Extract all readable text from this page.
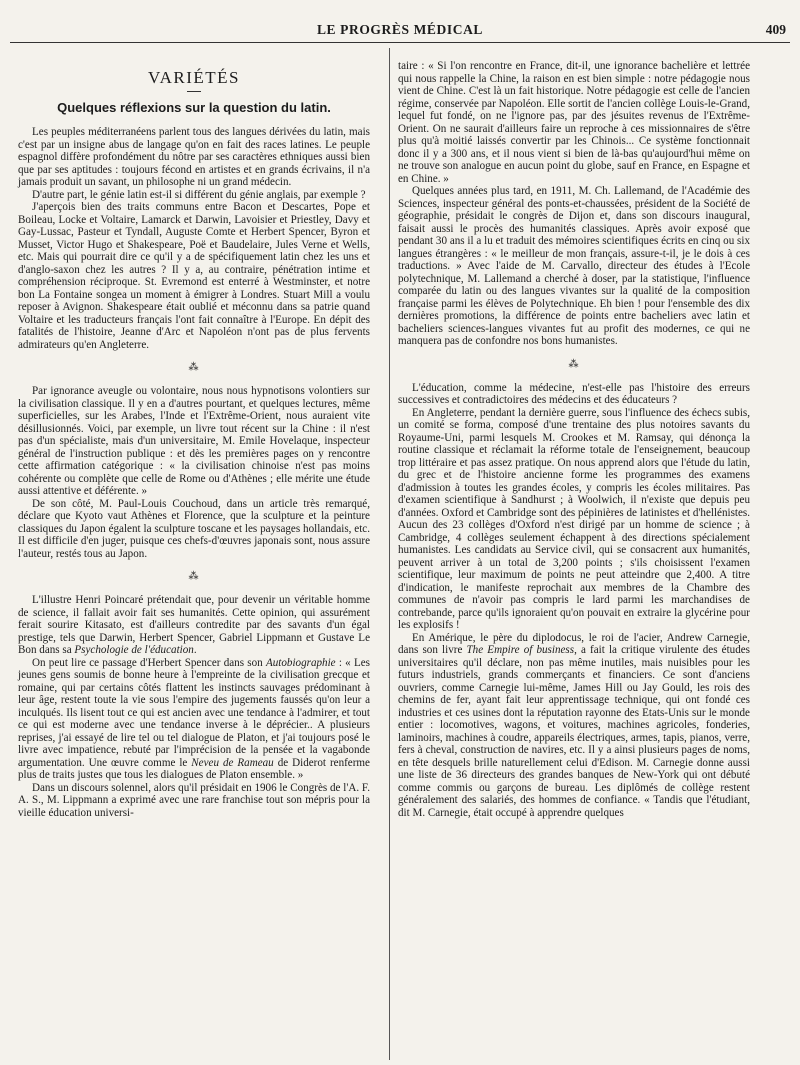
LE PROGRÈS MÉDICAL	409
VARIÉTÉS
Quelques réflexions sur la question du latin.

Les peuples méditerranéens parlent tous des langues dérivées du latin, mais c'est par un insigne abus de langage qu'on en fait des races latines. Le peuple espagnol diffère profondément du nôtre par ses caractères ethniques aussi bien que par ses aptitudes : toujours fécond en artistes et en grands écrivains, il n'a jamais produit un savant, un philosophe ni un grand médecin.

D'autre part, le génie latin est-il si différent du génie anglais, par exemple ?

J'aperçois bien des traits communs entre Bacon et Descartes, Pope et Boileau, Locke et Voltaire, Lamarck et Darwin, Lavoisier et Priestley, Davy et Gay-Lussac, Pasteur et Tyndall, Auguste Comte et Herbert Spencer, Byron et Musset, Victor Hugo et Shakespeare, Poë et Baudelaire, Jules Verne et Wells, etc. Mais qui pourrait dire ce qu'il y a de spécifiquement latin chez les uns et d'anglo-saxon chez les autres ? Il y a, au contraire, pénétration intime et compréhension réciproque. St. Evremond est enterré à Westminster, et notre bon La Fontaine songea un moment à émigrer à Londres. Stuart Mill a voulu reposer à Avignon. Shakespeare était oublié et méconnu dans sa patrie quand Voltaire et les traducteurs français l'ont fait connaître à l'Europe. En dépit des fatalités de l'histoire, Jeanne d'Arc et Napoléon n'ont pas de plus fervents admirateurs qu'en Angleterre.

⁂

Par ignorance aveugle ou volontaire, nous nous hypnotisons volontiers sur la civilisation classique. Il y en a d'autres pourtant, et quelques lectures, même superficielles, sur les Arabes, l'Inde et l'Extrême-Orient, nous auraient vite désillusionnés. Voici, par exemple, un livre tout récent sur la Chine : il n'est pas d'un spécialiste, mais d'un universitaire, M. Emile Hovelaque, inspecteur général de l'instruction publique : et dès les premières pages on y rencontre cette affirmation catégorique : « la civilisation chinoise n'est pas moins cohérente ou complète que celle de Rome ou d'Athènes ; elle mérite une étude aussi attentive et déférente. »

De son côté, M. Paul-Louis Couchoud, dans un article très remarqué, déclare que Kyoto vaut Athènes et Florence, que la sculpture et la peinture classiques du Japon égalent la sculpture toscane et les paysages hollandais, etc. Il est difficile d'en juger, puisque ces chefs-d'œuvres japonais sont, nous assure l'auteur, restés tous au Japon.

⁂

L'illustre Henri Poincaré prétendait que, pour devenir un véritable homme de science, il fallait avoir fait ses humanités. Cette opinion, qui assurément ferait sourire Kitasato, est d'ailleurs contredite par des savants d'un égal prestige, tels que Darwin, Herbert Spencer, Gabriel Lippmann et Gustave Le Bon dans sa Psychologie de l'éducation.

On peut lire ce passage d'Herbert Spencer dans son Autobiographie : « Les jeunes gens soumis de bonne heure à l'empreinte de la civilisation grecque et romaine, qui par certains côtés flattent les instincts sauvages prédominant à leur âge, restent toute la vie sous l'empire des jugements faussés qu'on leur a inculqués. Ils lisent tout ce qui est ancien avec une tendance à l'admirer, et tout ce qui est moderne avec une tendance inverse à le déprécier.. A plusieurs reprises, j'ai essayé de lire tel ou tel dialogue de Platon, et j'ai toujours posé le livre avec impatience, rebuté par l'imprécision de la pensée et la vagabonde argumentation. Une œuvre comme le Neveu de Rameau de Diderot renferme plus de traits justes que tous les dialogues de Platon ensemble. »

Dans un discours solennel, alors qu'il présidait en 1906 le Congrès de l'A. F. A. S., M. Lippmann a exprimé avec une rare franchise tout son mépris pour la vieille éducation universi-

taire : « Si l'on rencontre en France, dit-il, une ignorance bachelière et lettrée qui nous rappelle la Chine, la raison en est bien simple : notre pédagogie nous vient de Chine. C'est là un fait historique. Notre pédagogie est celle de l'ancien régime, conservée par Napoléon. Elle sortit de l'ancien collège Louis-le-Grand, lequel fut fondé, on ne l'ignore pas, par des jésuites revenus de l'Extrême-Orient. On ne saurait d'ailleurs faire un reproche à ces missionnaires de s'être plus qu'à moitié laissés convertir par les Chinois... Ce système fonctionnait donc il y a 300 ans, et il nous vient si bien de là-bas qu'aujourd'hui même on ne trouve son analogue en aucun point du globe, sauf en France, en Espagne et en Chine. »

Quelques années plus tard, en 1911, M. Ch. Lallemand, de l'Académie des Sciences, inspecteur général des ponts-et-chaussées, président de la Société de géographie, présidait le congrès de Dijon et, dans son discours inaugural, faisait aussi le procès des humanités classiques. Après avoir exposé que pendant 30 ans il a lu et traduit des mémoires scientifiques écrits en cinq ou six langues étrangères : « le meilleur de mon français, assure-t-il, je le dois à ces traductions. » Avec l'aide de M. Carvallo, directeur des études à l'Ecole polytechnique, M. Lallemand a cherché à doser, par la statistique, l'influence comparée du latin ou des langues vivantes sur la qualité de la composition française parmi les élèves de Polytechnique. Eh bien ! pour l'ensemble des dix dernières promotions, la différence de points entre bacheliers avec latin et bacheliers sciences-langues vivantes fut au profit des modernes, ce qui ne manquera pas de confondre nos bons humanistes.

⁂

L'éducation, comme la médecine, n'est-elle pas l'histoire des erreurs successives et contradictoires des médecins et des éducateurs ?

En Angleterre, pendant la dernière guerre, sous l'influence des échecs subis, un comité se forma, composé d'une trentaine des plus notoires savants du Royaume-Uni, parmi lesquels M. Crookes et M. Ramsay, qui dénonça la routine classique et réclamait la réforme totale de l'enseignement, beaucoup trop littéraire et pas assez pratique. On nous apprend alors que l'étude du latin, du grec et de l'histoire ancienne forme les programmes des examens d'admission à toutes les grandes écoles, y compris les écoles militaires. Pas d'examen scientifique à Sandhurst ; à Woolwich, il n'existe que depuis peu d'années. Oxford et Cambridge sont des pépinières de latinistes et d'hellénistes. Aucun des 23 collèges d'Oxford n'est dirigé par un homme de science ; à Cambridge, 4 collèges seulement échappent à des directions spécialement humanistes. Les candidats au Service civil, qui se consacrent aux humanités, peuvent arriver à un total de 3,200 points ; s'ils choisissent l'examen scientifique, leur maximum de points ne peut atteindre que 2,400. A titre d'indication, le manifeste reprochait aux membres de la Chambre des communes de n'avoir pas compris le lard parmi les marchandises de contrebande, parce qu'ils ignoraient qu'on pouvait en extraire la glycérine pour les explosifs !

En Amérique, le père du diplodocus, le roi de l'acier, Andrew Carnegie, dans son livre The Empire of business, a fait la critique virulente des études universitaires qu'il déclare, non pas même inutiles, mais nuisibles pour les futurs industriels, grands commerçants et financiers. Ce sont d'anciens ouvriers, comme Carnegie lui-même, James Hill ou Jay Gould, les rois des chemins de fer, ayant fait leur apprentissage technique, qui ont fondé ces industries et ces usines dont la réputation rayonne des Etats-Unis sur le monde entier : locomotives, wagons, et voitures, machines agricoles, fonderies, laminoirs, machines à coudre, appareils électriques, armes, tapis, pianos, verre, fers à cheval, construction de navires, etc. Il y a ainsi plusieurs pages de noms, en tête desquels brille naturellement celui d'Edison. M. Carnegie donne aussi une liste de 36 directeurs des grandes banques de New-York qui ont débuté comme commis ou garçons de bureau. Les diplômés de collège restent généralement des salariés, des hommes de confiance. « Tandis que l'étudiant, dit M. Carnegie, était occupé à apprendre quelques
